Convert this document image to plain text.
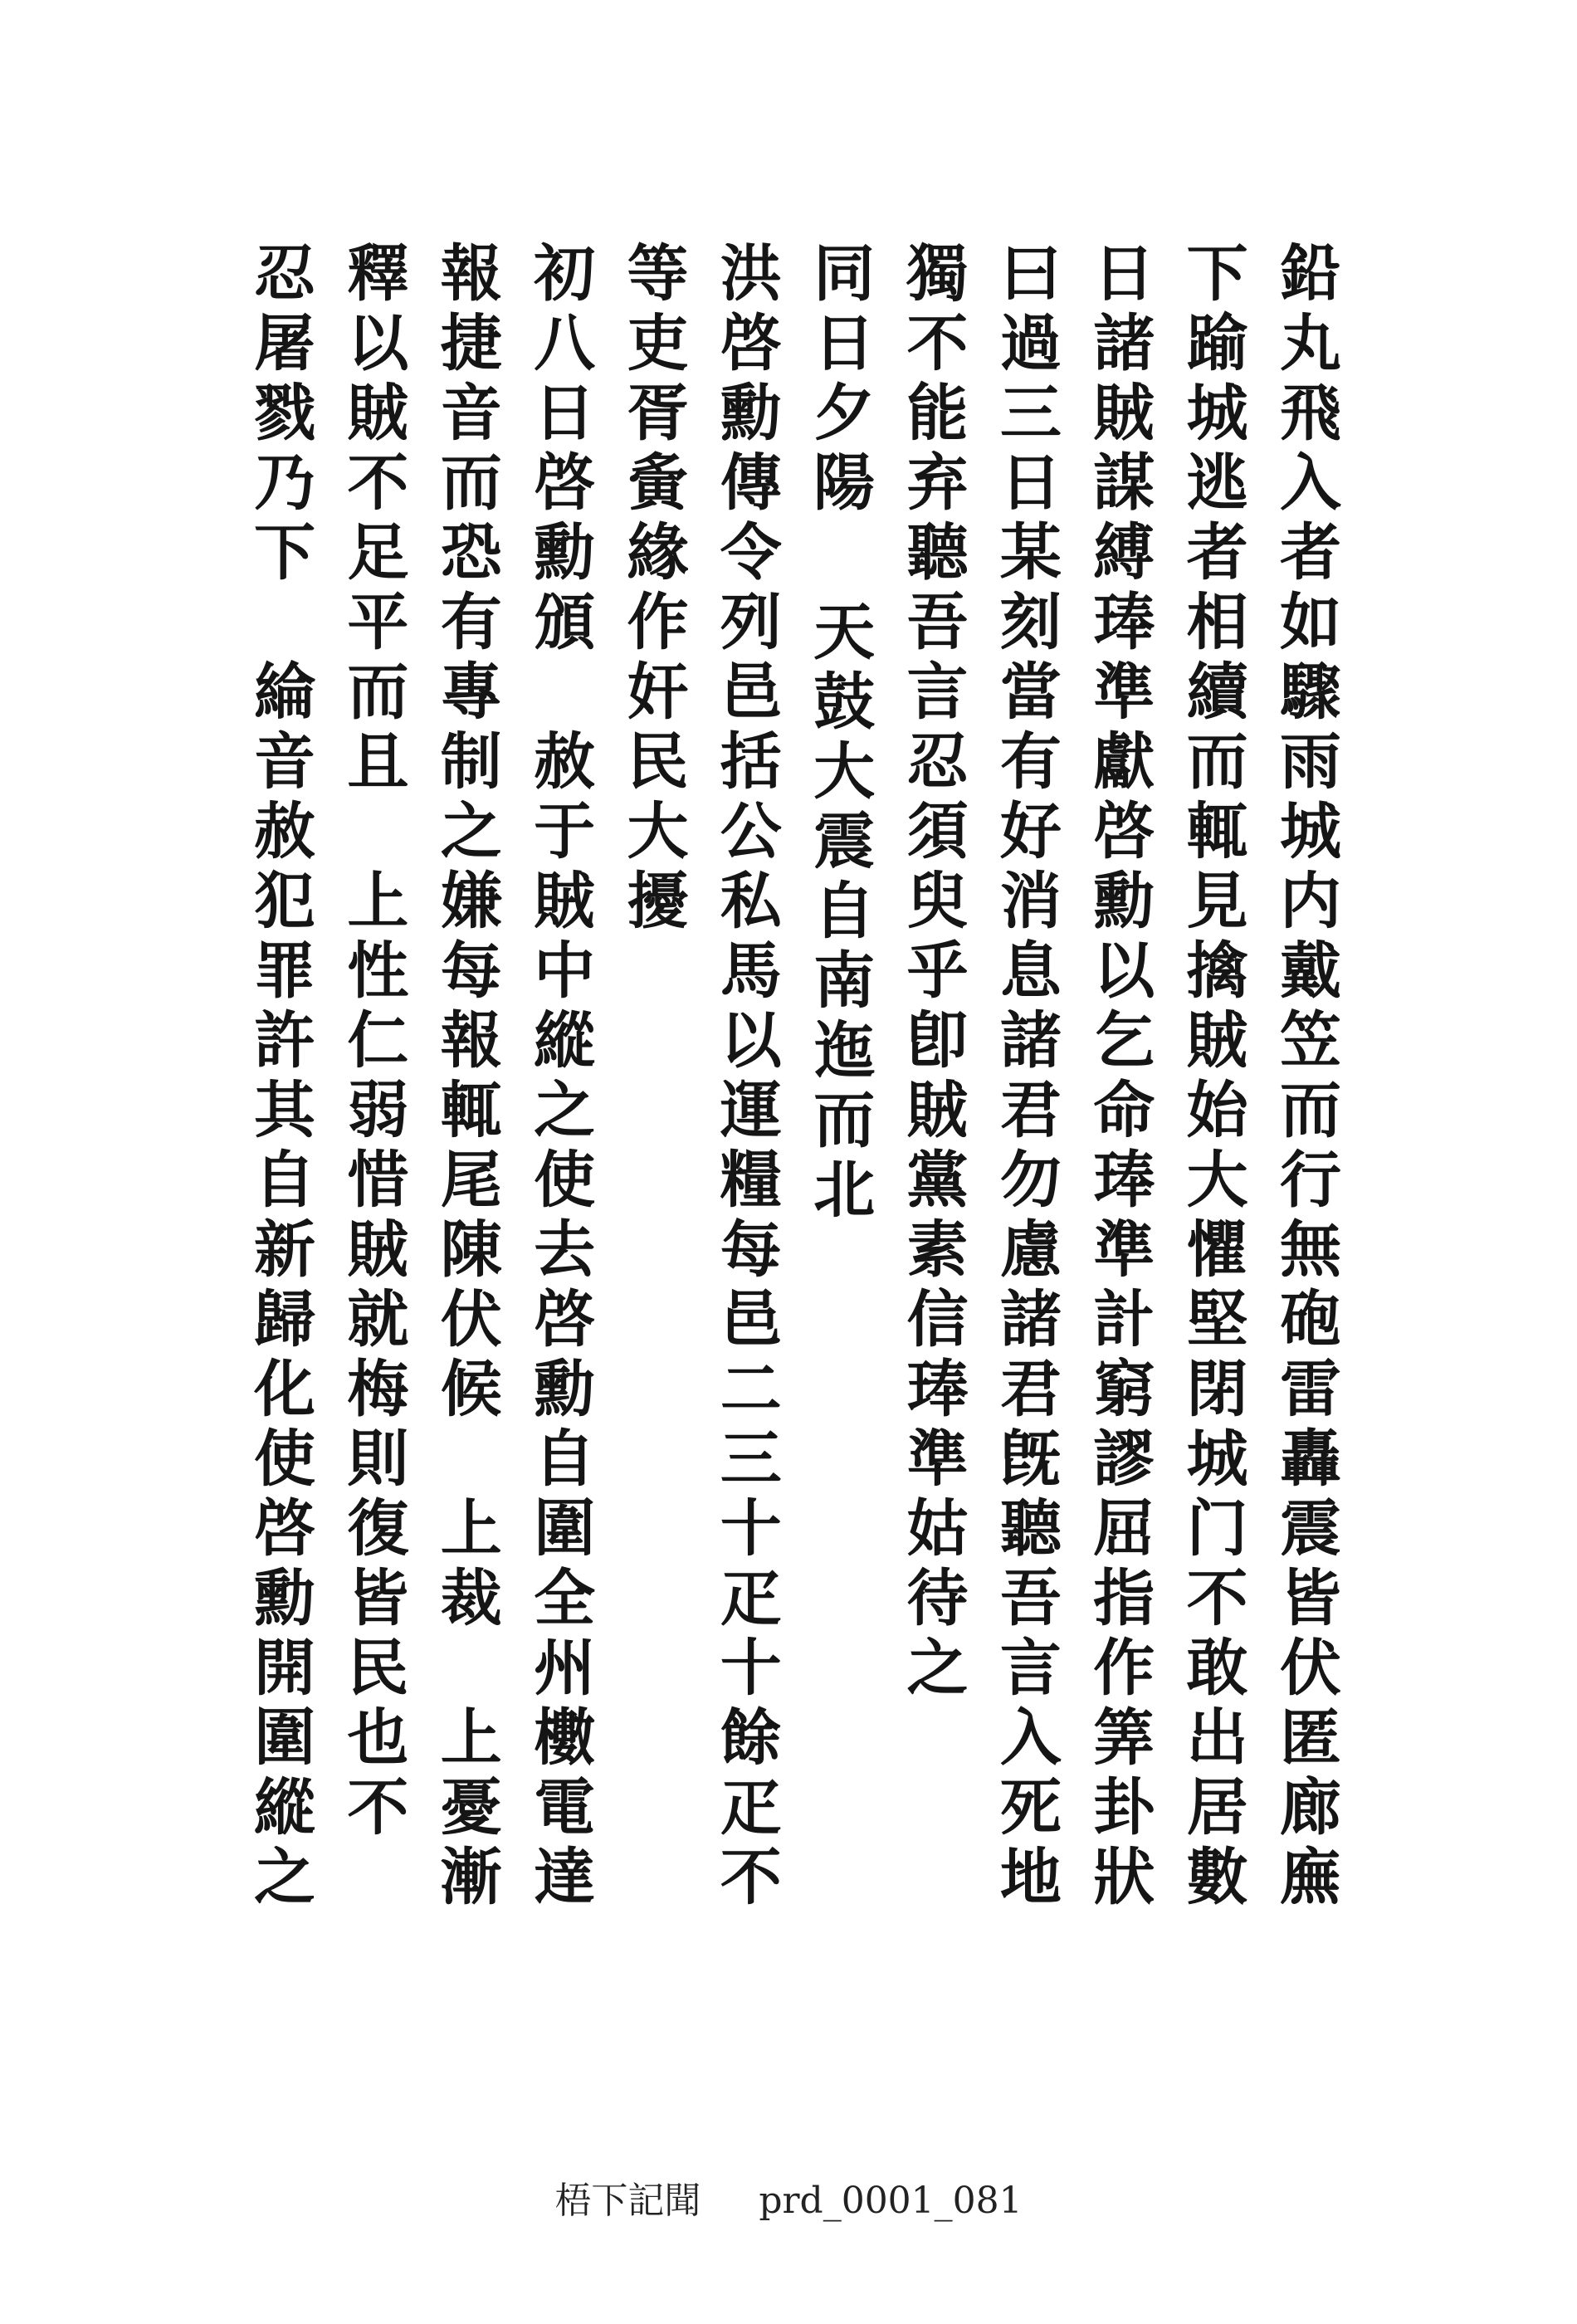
鉛丸飛入者如驟雨城内戴笠而行無砲雷轟震皆伏匿廊廡
下踰城逃者相續而輒見擒賊始大懼堅閉城门不敢出居數
日諸賊謀縛琫準獻啓勳以乞命琫準計窮謬屈指作筭卦狀
曰過三日某刻當有好消息諸君勿慮諸君旣聽吾言入死地
獨不能弃聽吾言忍須臾乎卽賊黨素信琫準姑待之
同日夕陽 天鼓大震自南迤而北
洪啓勳傳令列邑括公私馬以運糧每邑二三十疋十餘疋不
等吏胥夤緣作奸民大擾
初八日啓勳頒　赦于賊中縱之使去啓勳自圍全州櫢電達
報捷音而恐有專制之嫌每報輒尾陳伏候　上裁　上憂漸
釋以賊不足平而且　上性仁弱惜賊就梅則復皆民也不
忍屠戮乃下　綸音赦犯罪許其自新歸化使啓勳開圍縱之
梧下記聞 prd_0001_081
